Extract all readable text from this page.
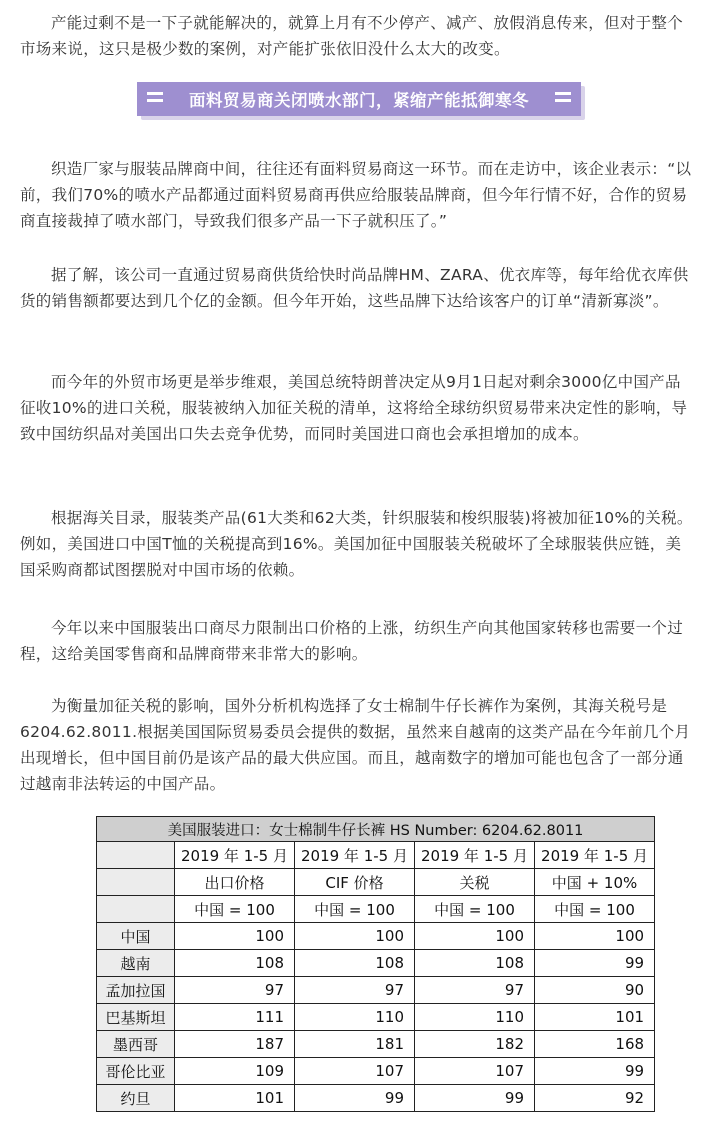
产能过剩不是一下子就能解决的，就算上月有不少停产、减产、放假消息传来，但对于整个市场来说，这只是极少数的案例，对产能扩张依旧没什么太大的改变。

面料贸易商关闭喷水部门，紧缩产能抵御寒冬

织造厂家与服装品牌商中间，往往还有面料贸易商这一环节。而在走访中，该企业表示：“以前，我们70%的喷水产品都通过面料贸易商再供应给服装品牌商，但今年行情不好，合作的贸易商直接裁掉了喷水部门，导致我们很多产品一下子就积压了。”

据了解，该公司一直通过贸易商供货给快时尚品牌HM、ZARA、优衣库等，每年给优衣库供货的销售额都要达到几个亿的金额。但今年开始，这些品牌下达给该客户的订单“清新寡淡”。

而今年的外贸市场更是举步维艰，美国总统特朗普决定从9月1日起对剩余3000亿中国产品征收10%的进口关税，服装被纳入加征关税的清单，这将给全球纺织贸易带来决定性的影响，导致中国纺织品对美国出口失去竞争优势，而同时美国进口商也会承担增加的成本。

根据海关目录，服装类产品(61大类和62大类，针织服装和梭织服装)将被加征10%的关税。例如，美国进口中国T恤的关税提高到16%。美国加征中国服装关税破坏了全球服装供应链，美国采购商都试图摆脱对中国市场的依赖。

今年以来中国服装出口商尽力限制出口价格的上涨，纺织生产向其他国家转移也需要一个过程，这给美国零售商和品牌商带来非常大的影响。

为衡量加征关税的影响，国外分析机构选择了女士棉制牛仔长裤作为案例，其海关税号是6204.62.8011.根据美国国际贸易委员会提供的数据，虽然来自越南的这类产品在今年前几个月出现增长，但中国目前仍是该产品的最大供应国。而且，越南数字的增加可能也包含了一部分通过越南非法转运的中国产品。

美国服装进口：女士棉制牛仔长裤 HS Number: 6204.62.8011				
	2019 年 1-5 月	2019 年 1-5 月	2019 年 1-5 月	2019 年 1-5 月
	出口价格	CIF 价格	关税	中国 + 10%
	中国 = 100	中国 = 100	中国 = 100	中国 = 100
中国	100	100	100	100
越南	108	108	108	99
孟加拉国	97	97	97	90
巴基斯坦	111	110	110	101
墨西哥	187	181	182	168
哥伦比亚	109	107	107	99
约旦	101	99	99	92
